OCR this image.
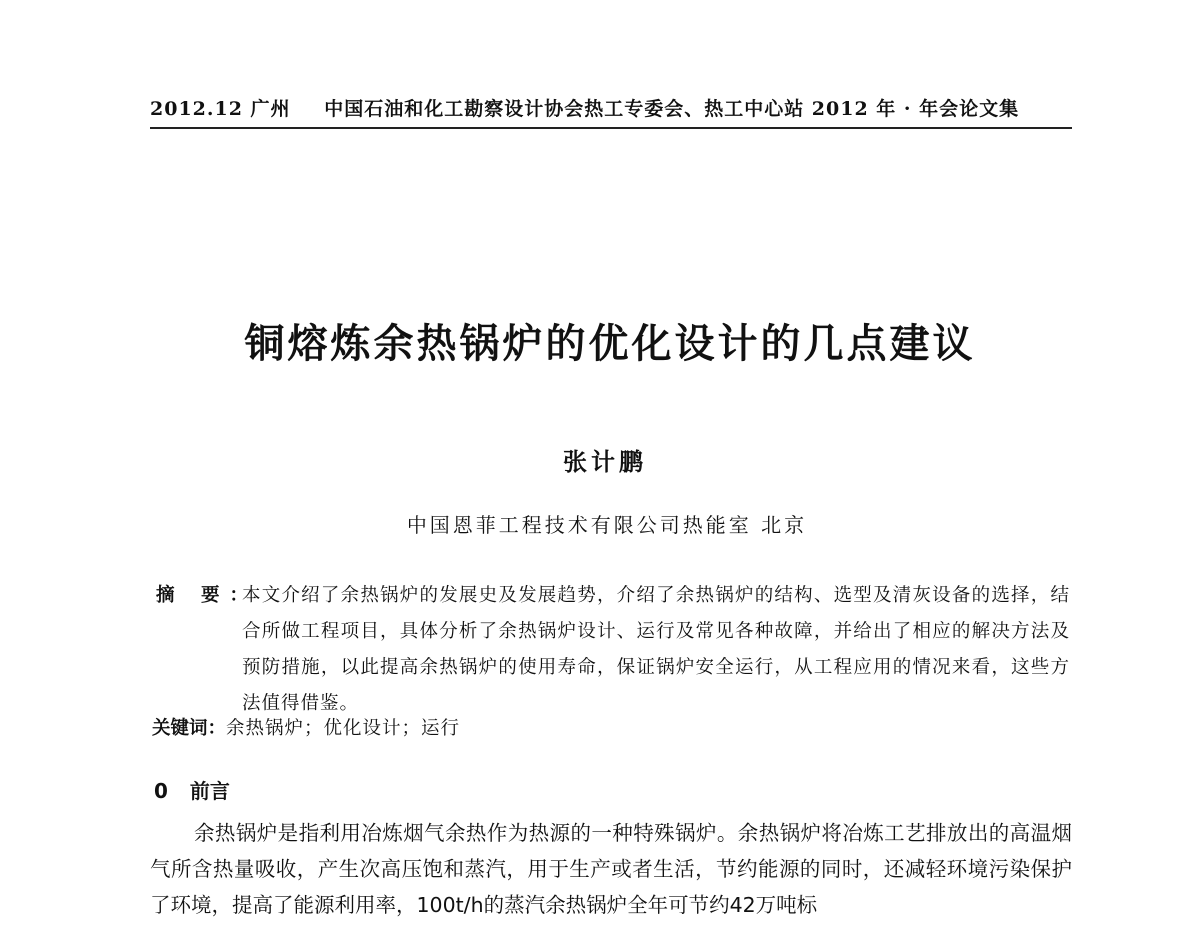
2012.12 广州 中国石油和化工勘察设计协会热工专委会、热工中心站 2012 年 · 年会论文集
铜熔炼余热锅炉的优化设计的几点建议
张计鹏
中国恩菲工程技术有限公司热能室 北京
摘 要：
本文介绍了余热锅炉的发展史及发展趋势，介绍了余热锅炉的结构、选型及清灰设备的选择，结合所做工程项目，具体分析了余热锅炉设计、运行及常见各种故障，并给出了相应的解决方法及预防措施，以此提高余热锅炉的使用寿命，保证锅炉安全运行，从工程应用的情况来看，这些方法值得借鉴。
关键词：余热锅炉；优化设计；运行
0 前言
余热锅炉是指利用冶炼烟气余热作为热源的一种特殊锅炉。余热锅炉将冶炼工艺排放出的高温烟气所含热量吸收，产生次高压饱和蒸汽，用于生产或者生活，节约能源的同时，还减轻环境污染保护了环境，提高了能源利用率，100t/h的蒸汽余热锅炉全年可节约42万吨标
